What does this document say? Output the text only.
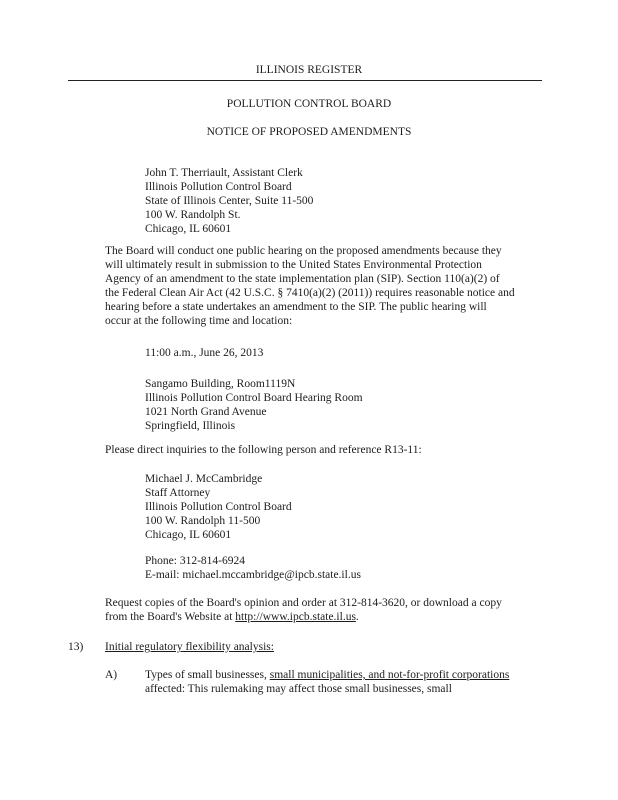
ILLINOIS REGISTER
POLLUTION CONTROL BOARD
NOTICE OF PROPOSED AMENDMENTS
John T. Therriault, Assistant Clerk
Illinois Pollution Control Board
State of Illinois Center, Suite 11-500
100 W. Randolph St.
Chicago, IL 60601
The Board will conduct one public hearing on the proposed amendments because they
will ultimately result in submission to the United States Environmental Protection
Agency of an amendment to the state implementation plan (SIP). Section 110(a)(2) of
the Federal Clean Air Act (42 U.S.C. § 7410(a)(2) (2011)) requires reasonable notice and
hearing before a state undertakes an amendment to the SIP. The public hearing will
occur at the following time and location:
11:00 a.m., June 26, 2013
Sangamo Building, Room1119N
Illinois Pollution Control Board Hearing Room
1021 North Grand Avenue
Springfield, Illinois
Please direct inquiries to the following person and reference R13-11:
Michael J. McCambridge
Staff Attorney
Illinois Pollution Control Board
100 W. Randolph 11-500
Chicago, IL 60601
Phone: 312-814-6924
E-mail: michael.mccambridge@ipcb.state.il.us
Request copies of the Board's opinion and order at 312-814-3620, or download a copy
from the Board's Website at http://www.ipcb.state.il.us.
13) Initial regulatory flexibility analysis:
A) Types of small businesses, small municipalities, and not-for-profit corporations
affected: This rulemaking may affect those small businesses, small
